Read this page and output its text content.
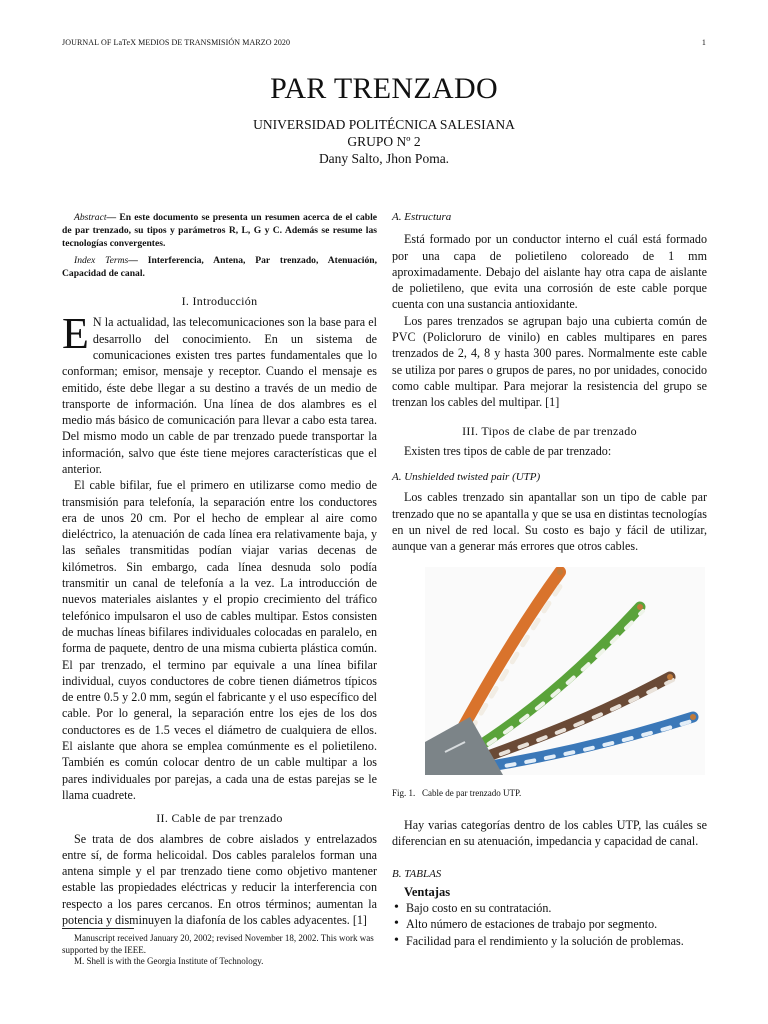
JOURNAL OF LaTeX MEDIOS DE TRANSMISIÓN MARZO 2020	1
PAR TRENZADO
UNIVERSIDAD POLITÉCNICA SALESIANA
GRUPO Nº 2
Dany Salto, Jhon Poma.

Abstract— En este documento se presenta un resumen acerca de el cable de par trenzado, su tipos y parámetros R, L, G y C. Además se resume las tecnologías convergentes.

Index Terms— Interferencia, Antena, Par trenzado, Atenuación, Capacidad de canal.

I. Introducción

E N la actualidad, las telecomunicaciones son la base para el desarrollo del conocimiento. En un sistema de comunicaciones existen tres partes fundamentales que lo conforman; emisor, mensaje y receptor. Cuando el mensaje es emitido, éste debe llegar a su destino a través de un medio de transporte de información. Una línea de dos alambres es el medio más básico de comunicación para llevar a cabo esta tarea. Del mismo modo un cable de par trenzado puede transportar la información, salvo que éste tiene mejores características que el anterior.

El cable bifilar, fue el primero en utilizarse como medio de transmisión para telefonía, la separación entre los conductores era de unos 20 cm. Por el hecho de emplear al aire como dieléctrico, la atenuación de cada línea era relativamente baja, y las señales transmitidas podían viajar varias decenas de kilómetros. Sin embargo, cada línea desnuda solo podía transmitir un canal de telefonía a la vez. La introducción de nuevos materiales aislantes y el propio crecimiento del tráfico telefónico impulsaron el uso de cables multipar. Estos consisten de muchas líneas bifilares individuales colocadas en paralelo, en forma de paquete, dentro de una misma cubierta plástica común. El par trenzado, el termino par equivale a una línea bifilar individual, cuyos conductores de cobre tienen diámetros típicos de entre 0.5 y 2.0 mm, según el fabricante y el uso específico del cable. Por lo general, la separación entre los ejes de los dos conductores es de 1.5 veces el diámetro de cualquiera de ellos. El aislante que ahora se emplea comúnmente es el polietileno. También es común colocar dentro de un cable multipar a los pares individuales por parejas, a cada una de estas parejas se le llama cuadrete.

II. Cable de par trenzado

Se trata de dos alambres de cobre aislados y entrelazados entre sí, de forma helicoidal. Dos cables paralelos forman una antena simple y el par trenzado tiene como objetivo mantener estable las propiedades eléctricas y reducir la interferencia con respecto a los pares cercanos. En otros términos; aumentan la potencia y disminuyen la diafonía de los cables adyacentes. [1]

Manuscript received January 20, 2002; revised November 18, 2002. This work was supported by the IEEE.

M. Shell is with the Georgia Institute of Technology.

A. Estructura

Está formado por un conductor interno el cuál está formado por una capa de polietileno coloreado de 1 mm aproximadamente. Debajo del aislante hay otra capa de aislante de polietileno, que evita una corrosión de este cable porque cuenta con una sustancia antioxidante.

Los pares trenzados se agrupan bajo una cubierta común de PVC (Policloruro de vinilo) en cables multipares en pares trenzados de 2, 4, 8 y hasta 300 pares. Normalmente este cable se utiliza por pares o grupos de pares, no por unidades, conocido como cable multipar. Para mejorar la resistencia del grupo se trenzan los cables del multipar. [1]

III. Tipos de clabe de par trenzado

Existen tres tipos de cable de par trenzado:

A. Unshielded twisted pair (UTP)

Los cables trenzado sin apantallar son un tipo de cable par trenzado que no se apantalla y que se usa en distintas tecnologías en un nivel de red local. Su costo es bajo y fácil de utilizar, aunque van a generar más errores que otros cables.

Fig. 1. Cable de par trenzado UTP.

Hay varias categorías dentro de los cables UTP, las cuáles se diferencian en su atenuación, impedancia y capacidad de canal.

B. TABLAS
Ventajas
• Bajo costo en su contratación.
• Alto número de estaciones de trabajo por segmento.
• Facilidad para el rendimiento y la solución de problemas.
